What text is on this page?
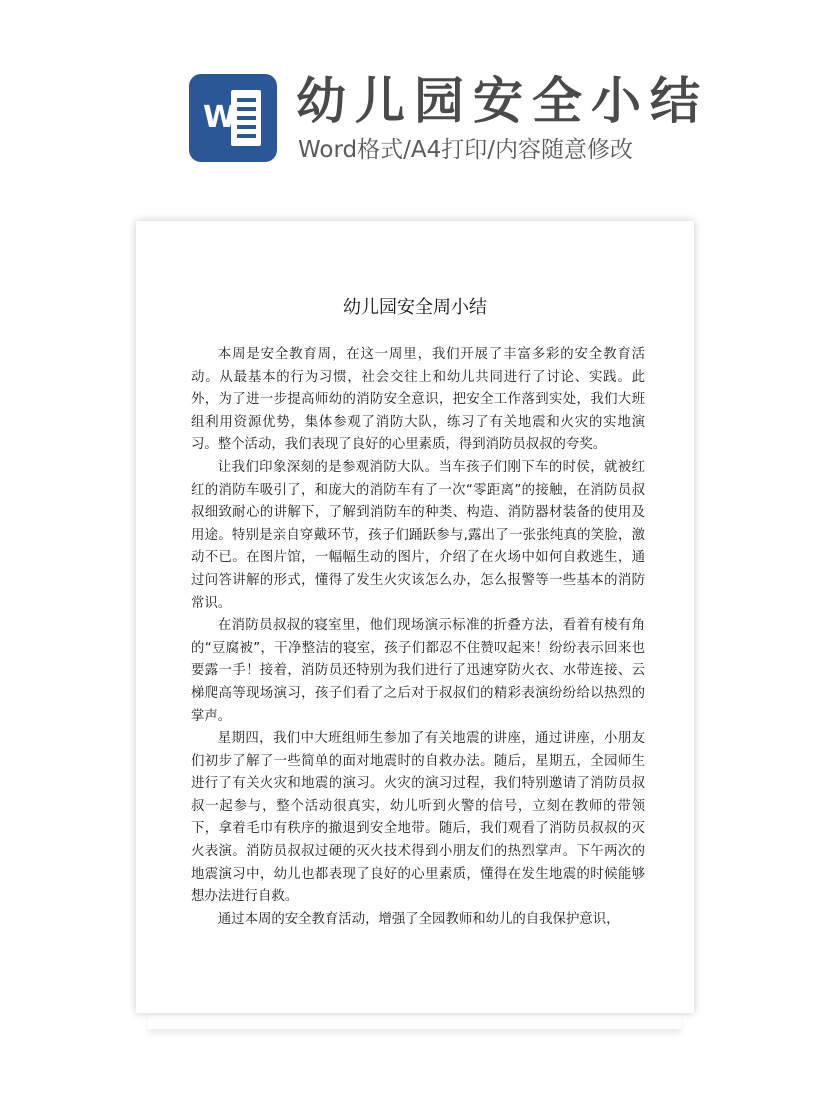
W 幼儿园安全小结
Word格式/A4打印/内容随意修改
幼儿园安全周小结

本周是安全教育周，在这一周里，我们开展了丰富多彩的安全教育活动。从最基本的行为习惯，社会交往上和幼儿共同进行了讨论、实践。此外，为了进一步提高师幼的消防安全意识，把安全工作落到实处，我们大班组利用资源优势，集体参观了消防大队，练习了有关地震和火灾的实地演习。整个活动，我们表现了良好的心里素质，得到消防员叔叔的夸奖。

让我们印象深刻的是参观消防大队。当车孩子们刚下车的时侯，就被红红的消防车吸引了，和庞大的消防车有了一次“零距离”的接触，在消防员叔叔细致耐心的讲解下，了解到消防车的种类、构造、消防器材装备的使用及用途。特别是亲自穿戴环节，孩子们踊跃参与,露出了一张张纯真的笑脸，激动不已。在图片馆，一幅幅生动的图片，介绍了在火场中如何自救逃生，通过问答讲解的形式，懂得了发生火灾该怎么办，怎么报警等一些基本的消防常识。

在消防员叔叔的寝室里，他们现场演示标准的折叠方法，看着有棱有角的“豆腐被”，干净整洁的寝室，孩子们都忍不住赞叹起来！纷纷表示回来也要露一手！接着，消防员还特别为我们进行了迅速穿防火衣、水带连接、云梯爬高等现场演习，孩子们看了之后对于叔叔们的精彩表演纷纷给以热烈的掌声。

星期四，我们中大班组师生参加了有关地震的讲座，通过讲座，小朋友们初步了解了一些简单的面对地震时的自救办法。随后，星期五，全园师生进行了有关火灾和地震的演习。火灾的演习过程，我们特别邀请了消防员叔叔一起参与，整个活动很真实，幼儿听到火警的信号，立刻在教师的带领下，拿着毛巾有秩序的撤退到安全地带。随后，我们观看了消防员叔叔的灭火表演。消防员叔叔过硬的灭火技术得到小朋友们的热烈掌声。下午两次的地震演习中，幼儿也都表现了良好的心里素质，懂得在发生地震的时候能够想办法进行自救。

通过本周的安全教育活动，增强了全园教师和幼儿的自我保护意识，
